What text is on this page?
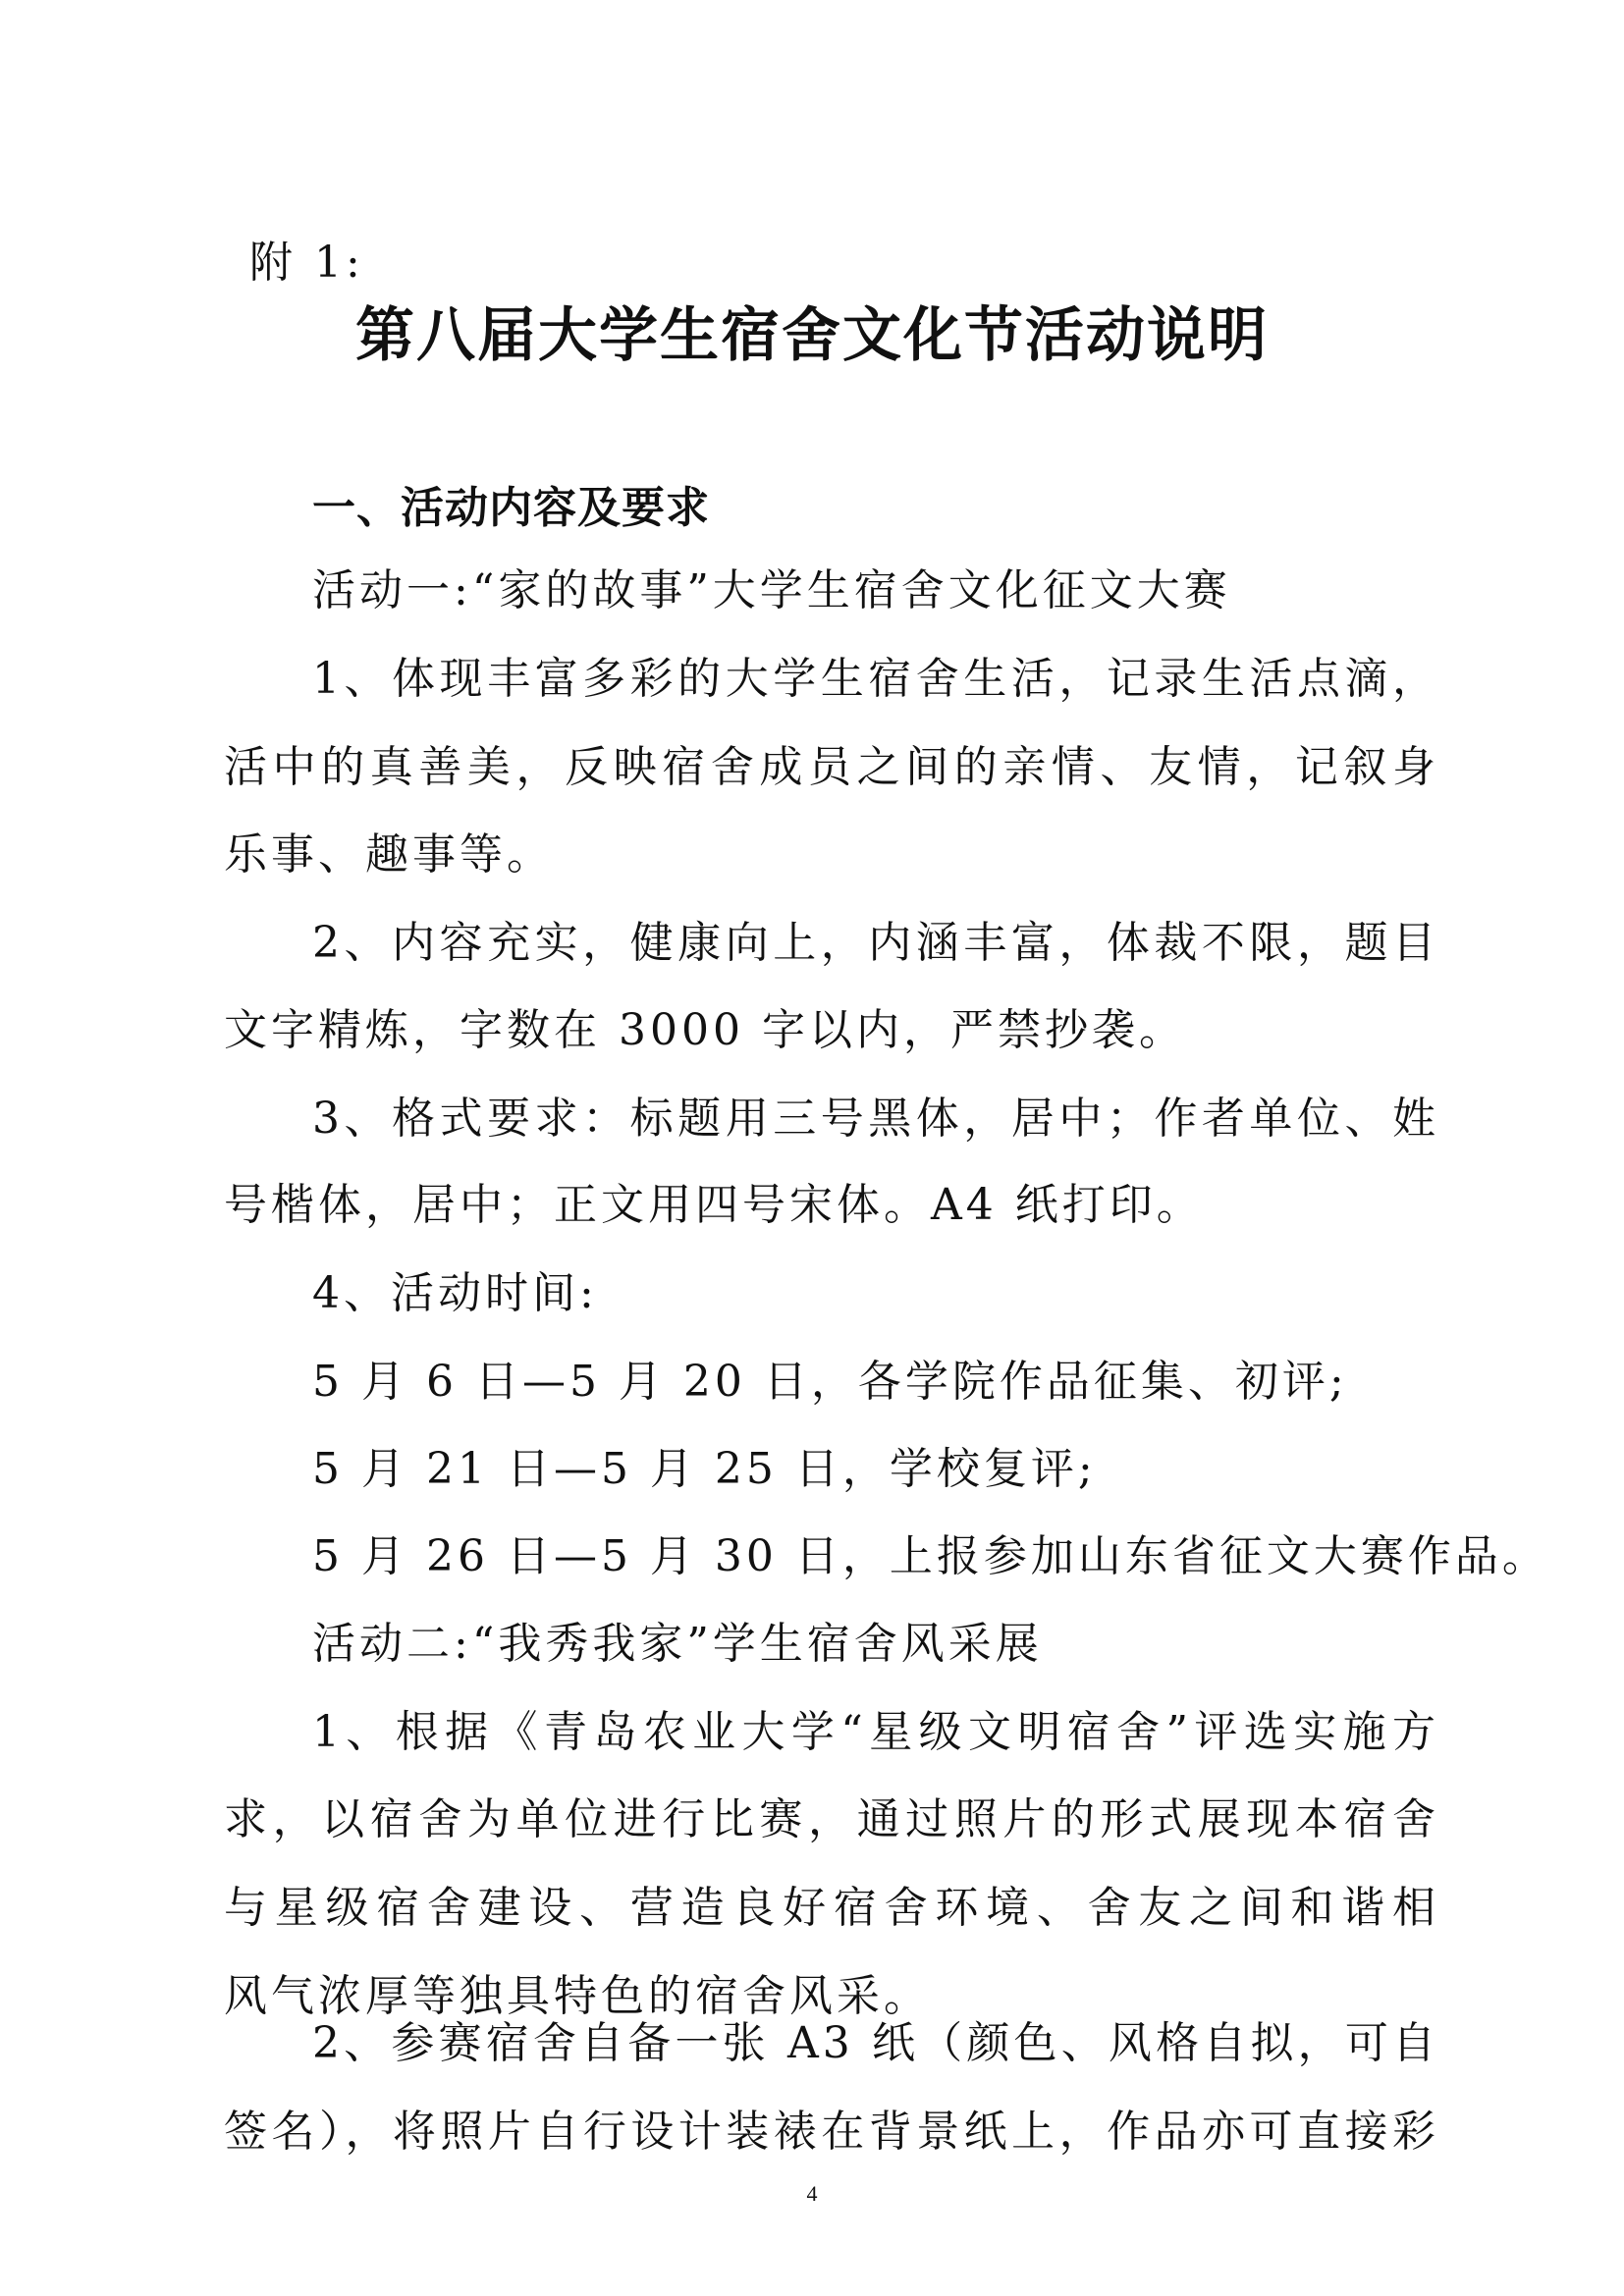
附 1:
第八届大学生宿舍文化节活动说明
一、活动内容及要求
活动一:“家的故事”大学生宿舍文化征文大赛
1、体现丰富多彩的大学生宿舍生活，记录生活点滴，
活中的真善美，反映宿舍成员之间的亲情、友情，记叙身
乐事、趣事等。
2、内容充实，健康向上，内涵丰富，体裁不限，题目
文字精炼，字数在 3000 字以内，严禁抄袭。
3、格式要求：标题用三号黑体，居中；作者单位、姓
号楷体，居中；正文用四号宋体。A4 纸打印。
4、活动时间:
5 月 6 日—5 月 20 日，各学院作品征集、初评;
5 月 21 日—5 月 25 日，学校复评;
5 月 26 日—5 月 30 日，上报参加山东省征文大赛作品。
活动二:“我秀我家”学生宿舍风采展
1、根据《青岛农业大学“星级文明宿舍”评选实施方
求，以宿舍为单位进行比赛，通过照片的形式展现本宿舍
与星级宿舍建设、营造良好宿舍环境、舍友之间和谐相
风气浓厚等独具特色的宿舍风采。
2、参赛宿舍自备一张 A3 纸（颜色、风格自拟，可自
签名），将照片自行设计装裱在背景纸上，作品亦可直接彩
4
